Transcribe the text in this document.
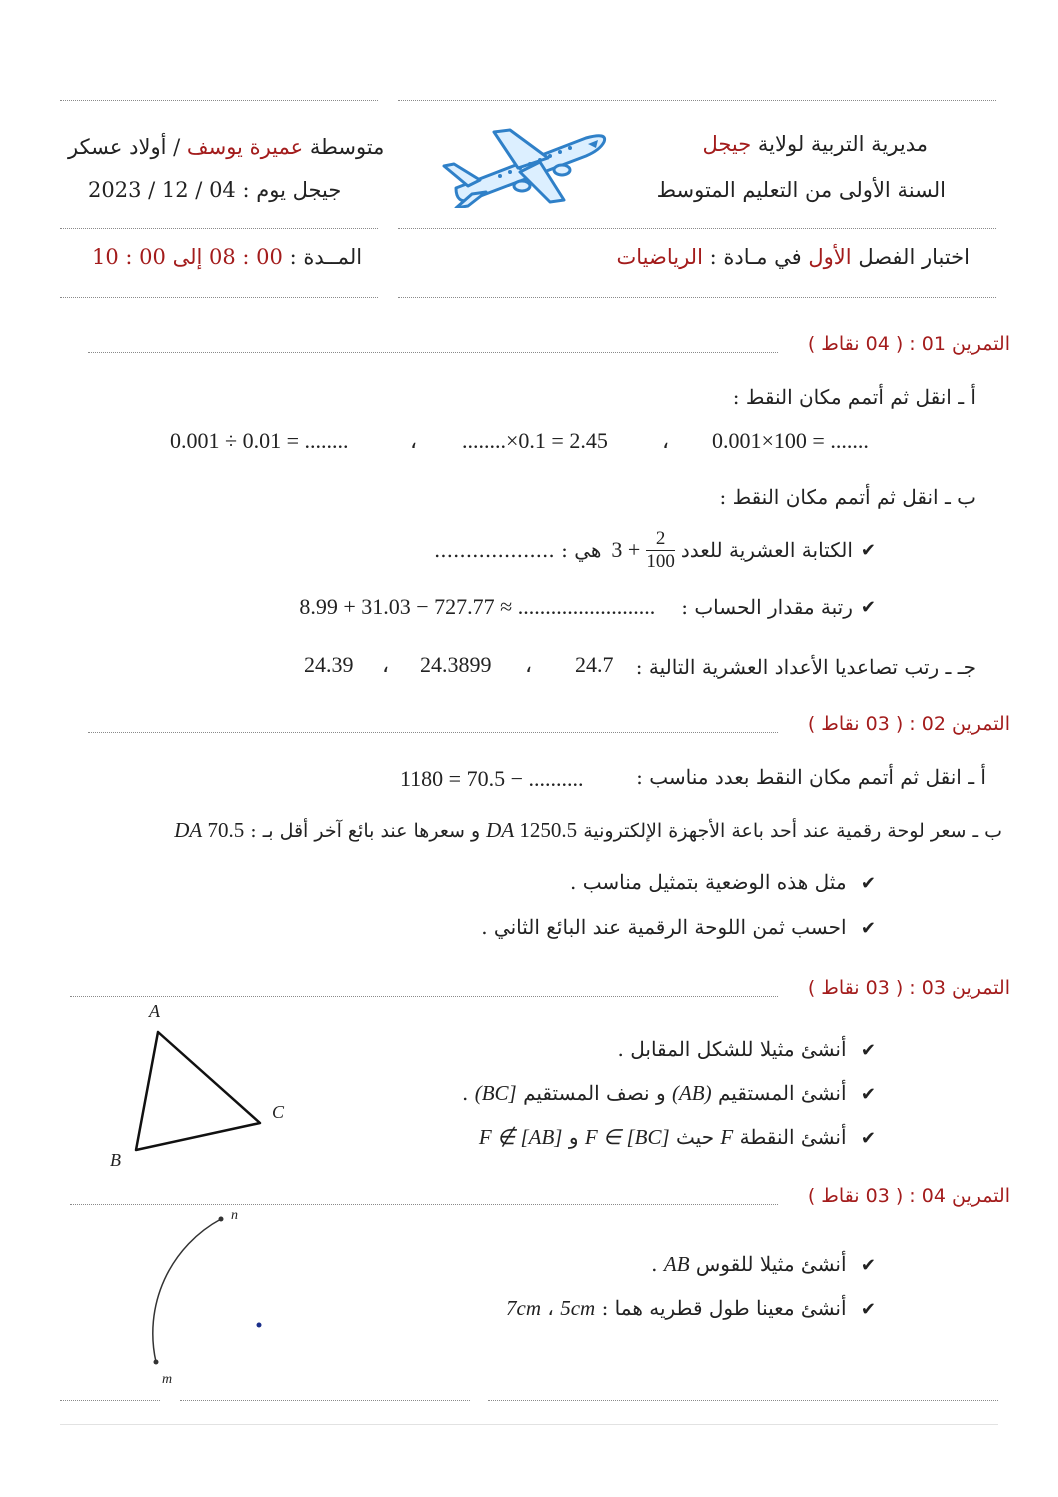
مديرية التربية لولاية جيجل
السنة الأولى من التعليم المتوسط
اختبار الفصل الأول في مـادة : الرياضيات
متوسطة عميرة يوسف / أولاد عسكر
جيجل يوم : 04 / 12 / 2023
المــدة : 00 : 08 إلى 00 : 10
التمرين 01 : ( 04 نقاط )
أ ـ انقل ثم أتمم مكان النقط :
0.001×100 = .......
،
........×0.1 = 2.45
،
0.001 ÷ 0.01 = ........
ب ـ انقل ثم أتمم مكان النقط :
✔
الكتابة العشرية للعدد
$\frac{2}{100}$
3 +
هي : ...................
✔
رتبة مقدار الحساب :
8.99 + 31.03 − 727.77 ≈ .........................
جـ ـ رتب تصاعديا الأعداد العشرية التالية :
24.7
،
24.3899
،
24.39
التمرين 02 : ( 03 نقاط )
أ ـ انقل ثم أتمم مكان النقط بعدد مناسب :
1180 = 70.5 − ..........
ب ـ سعر لوحة رقمية عند أحد باعة الأجهزة الإلكترونية 1250.5 DA و سعرها عند بائع آخر أقل بـ : 70.5 DA
✔ مثل هذه الوضعية بتمثيل مناسب .
✔ احسب ثمن اللوحة الرقمية عند البائع الثاني .
التمرين 03 : ( 03 نقاط )
A
B
C
✔ أنشئ مثيلا للشكل المقابل .
✔ أنشئ المستقيم (AB) و نصف المستقيم [BC) .
✔ أنشئ النقطة F حيث F ∈ [BC] و F ∉ [AB]
التمرين 04 : ( 03 نقاط )
n
m
✔ أنشئ مثيلا للقوس AB .
✔ أنشئ معينا طول قطريه هما : 7cm ، 5cm
